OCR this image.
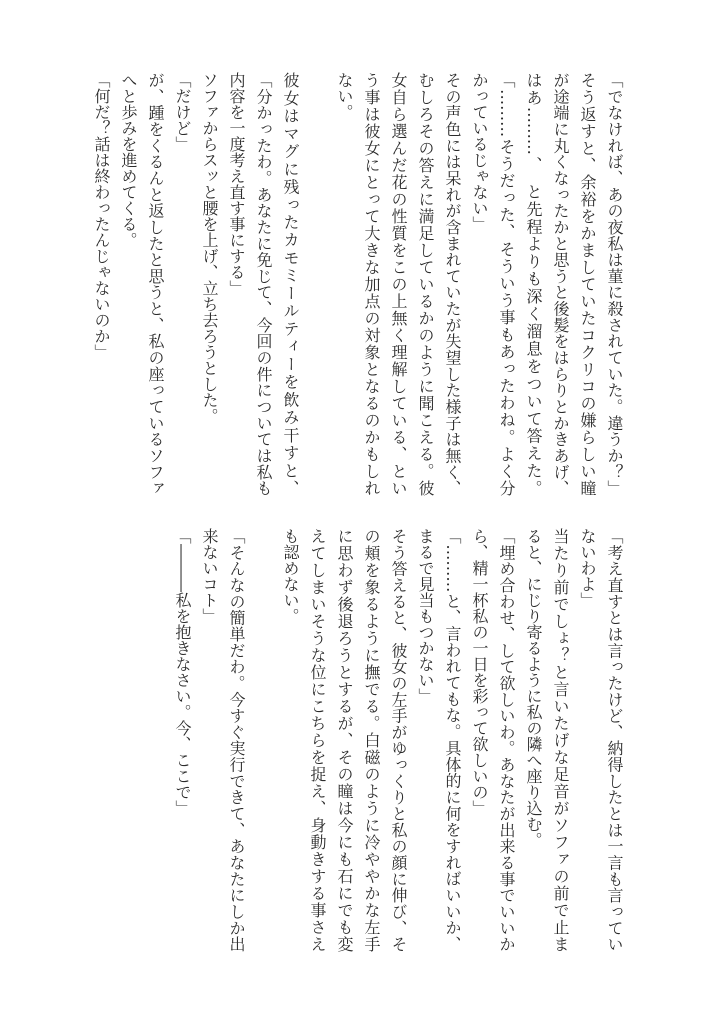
「でなければ、あの夜私は菫に殺されていた。違うか？」
そう返すと、余裕をかましていたコクリコの嫌らしい瞳
が途端に丸くなったかと思うと後髪をはらりとかきあげ、
はあ………、　と先程よりも深く溜息をついて答えた。
「………そうだった、そういう事もあったわね。よく分
かっているじゃない」
その声色には呆れが含まれていたが失望した様子は無く、
むしろその答えに満足しているかのように聞こえる。彼
女自ら選んだ花の性質をこの上無く理解している、とい
う事は彼女にとって大きな加点の対象となるのかもしれ
ない。
彼女はマグに残ったカモミールティーを飲み干すと、
「分かったわ。あなたに免じて、今回の件については私も
内容を一度考え直す事にする」
ソファからスッと腰を上げ、立ち去ろうとした。
「だけど」
が、踵をくるんと返したと思うと、私の座っているソファ
へと歩みを進めてくる。
「何だ？話は終わったんじゃないのか」
「考え直すとは言ったけど、納得したとは一言も言ってい
ないわよ」
当たり前でしょ？と言いたげな足音がソファの前で止ま
ると、にじり寄るように私の隣へ座り込む。
「埋め合わせ、して欲しいわ。あなたが出来る事でいいか
ら、精一杯私の一日を彩って欲しいの」
「………と、言われてもな。具体的に何をすればいいか、
まるで見当もつかない」
そう答えると、彼女の左手がゆっくりと私の顔に伸び、そ
の頬を象るように撫でる。白磁のように冷ややかな左手
に思わず後退ろうとするが、その瞳は今にも石にでも変
えてしまいそうな位にこちらを捉え、身動きする事さえ
も認めない。
「そんなの簡単だわ。今すぐ実行できて、あなたにしか出
来ないコト」
「―――私を抱きなさい。今、ここで」
